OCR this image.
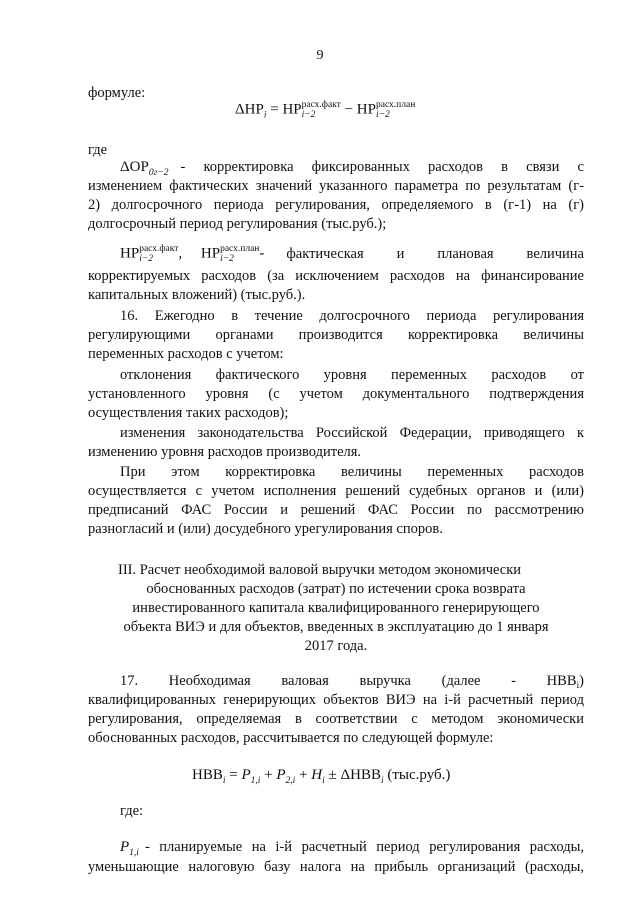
9
формуле:
$\Delta НР_i$ = НР расх.факт
i−2 − НР расх.план
i−2
где
$\Delta ОР_{0г-2}$ - корректировка фиксированных расходов в связи с
изменением фактических значений указанного параметра по результатам (г-
2) долгосрочного периода регулирования, определяемого в (г-1) на (г)
долгосрочный период регулирования (тыс.руб.);
НР расх.факт
i−2 , НР расх.план
i−2 - фактическая и плановая величина
корректируемых расходов (за исключением расходов на финансирование
капитальных вложений) (тыс.руб.).
16. Ежегодно в течение долгосрочного периода регулирования
регулирующими органами производится корректировка величины
переменных расходов с учетом:
отклонения фактического уровня переменных расходов от
установленного уровня (с учетом документального подтверждения
осуществления таких расходов);
изменения законодательства Российской Федерации, приводящего к
изменению уровня расходов производителя.
При этом корректировка величины переменных расходов
осуществляется с учетом исполнения решений судебных органов и (или)
предписаний ФАС России и решений ФАС России по рассмотрению
разногласий и (или) досудебного урегулирования споров.
III. Расчет необходимой валовой выручки методом экономически
обоснованных расходов (затрат) по истечении срока возврата
инвестированного капитала квалифицированного генерирующего
объекта ВИЭ и для объектов, введенных в эксплуатацию до 1 января
2017 года.
17. Необходимая валовая выручка (далее - НВВ i )
квалифицированных генерирующих объектов ВИЭ на i-й расчетный период
регулирования, определяемая в соответствии с методом экономически
обоснованных расходов, рассчитывается по следующей формуле:
$НВВ_i = P_{1,i} + P_{2,i} + H_i \pm \Delta НВВ_i$ (тыс.руб.)
где:
$P_{1,i}$ - планируемые на i-й расчетный период регулирования расходы,
уменьшающие налоговую базу налога на прибыль организаций (расходы,
